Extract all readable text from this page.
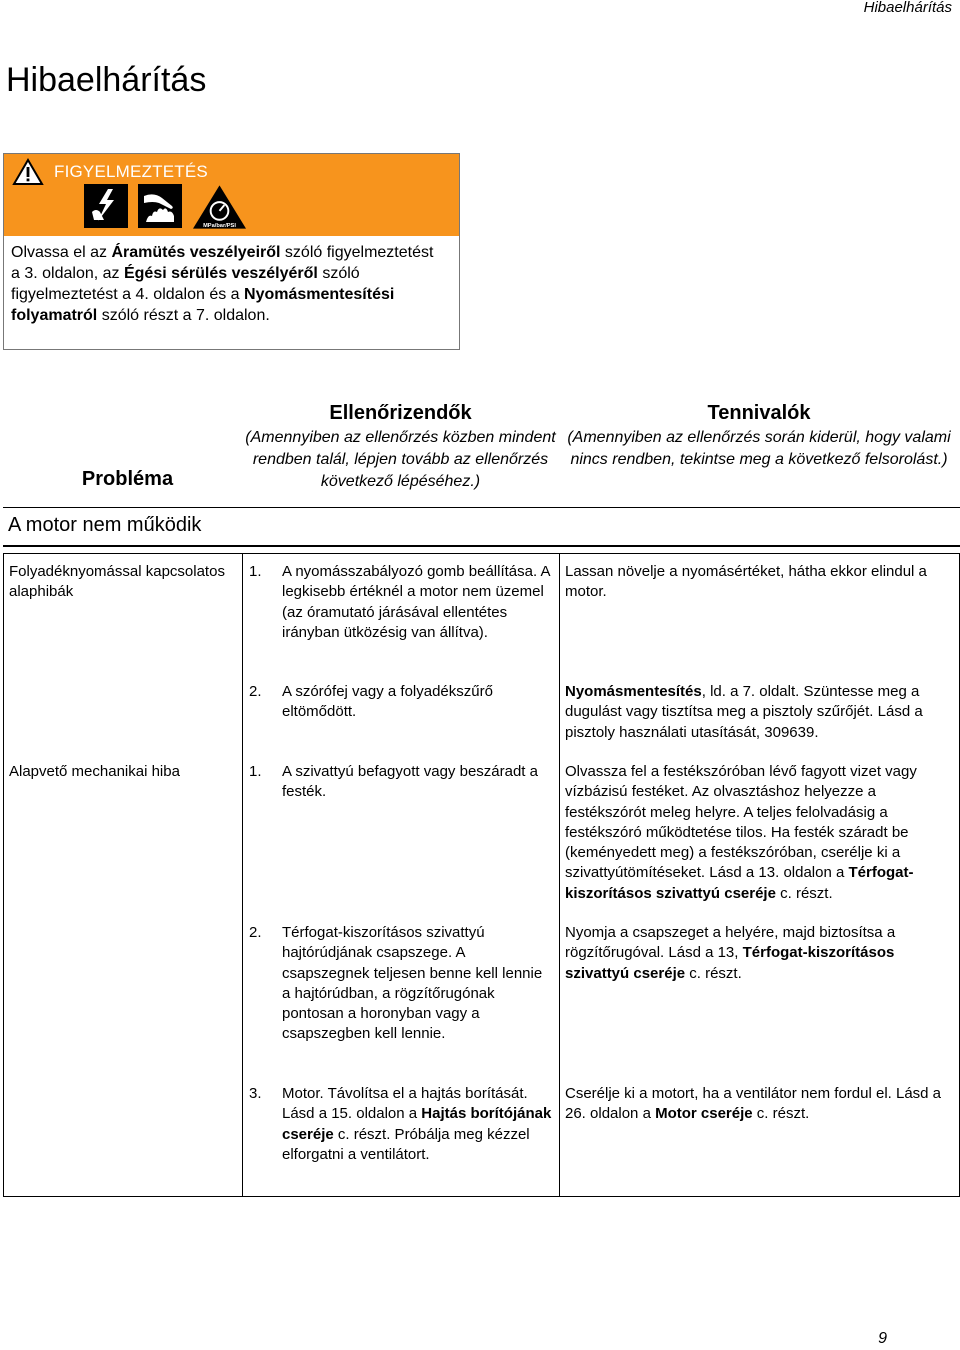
Hibaelhárítás
Hibaelhárítás
FIGYELMEZTETÉS
MPa/bar/PSI
Olvassa el az Áramütés veszélyeiről szóló figyelmeztetést a 3. oldalon, az Égési sérülés veszélyéről szóló figyelmeztetést a 4. oldalon és a Nyomásmentesítési folyamatról szóló részt a 7. oldalon.
Probléma
Ellenőrizendők
(Amennyiben az ellenőrzés közben mindent rendben talál, lépjen tovább az ellenőrzés következő lépéséhez.)
Tennivalók
(Amennyiben az ellenőrzés során kiderül, hogy valami nincs rendben, tekintse meg a következő felsorolást.)
A motor nem működik
Folyadéknyomással kapcsolatos alaphibák
1. A nyomásszabályozó gomb beállítása. A legkisebb értéknél a motor nem üzemel (az óramutató járásával ellentétes irányban ütközésig van állítva).
Lassan növelje a nyomásértéket, hátha ekkor elindul a motor.
2. A szórófej vagy a folyadékszűrő eltömődött.
Nyomásmentesítés, ld. a 7. oldalt. Szüntesse meg a dugulást vagy tisztítsa meg a pisztoly szűrőjét. Lásd a pisztoly használati utasítását, 309639.
Alapvető mechanikai hiba	1. A szivattyú befagyott vagy beszáradt a festék.
Olvassza fel a festékszóróban lévő fagyott vizet vagy vízbázisú festéket. Az olvasztáshoz helyezze a festékszórót meleg helyre. A teljes felolvadásig a festékszóró működtetése tilos. Ha festék száradt be (keményedett meg) a festékszóróban, cserélje ki a szivattyútömítéseket. Lásd a 13. oldalon a Térfogat-kiszorításos szivattyú cseréje c. részt.
2. Térfogat-kiszorításos szivattyú hajtórúdjának csapszege. A csapszegnek teljesen benne kell lennie a hajtórúdban, a rögzítőrugónak pontosan a horonyban vagy a csapszegben kell lennie.
Nyomja a csapszeget a helyére, majd biztosítsa a rögzítőrugóval. Lásd a 13, Térfogat-kiszorításos szivattyú cseréje c. részt.
3. Motor. Távolítsa el a hajtás borítását. Lásd a 15. oldalon a Hajtás borítójának cseréje c. részt. Próbálja meg kézzel elforgatni a ventilátort.
Cserélje ki a motort, ha a ventilátor nem fordul el. Lásd a 26. oldalon a Motor cseréje c. részt.
9
